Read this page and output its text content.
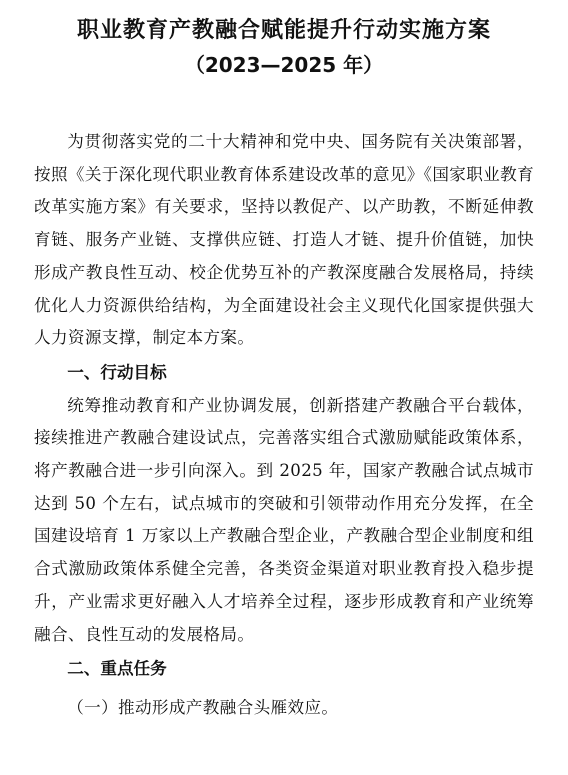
职业教育产教融合赋能提升行动实施方案
（2023—2025 年）

为贯彻落实党的二十大精神和党中央、国务院有关决策部署，按照《关于深化现代职业教育体系建设改革的意见》《国家职业教育改革实施方案》有关要求，坚持以教促产、以产助教，不断延伸教育链、服务产业链、支撑供应链、打造人才链、提升价值链，加快形成产教良性互动、校企优势互补的产教深度融合发展格局，持续优化人力资源供给结构，为全面建设社会主义现代化国家提供强大人力资源支撑，制定本方案。

一、行动目标

统筹推动教育和产业协调发展，创新搭建产教融合平台载体，接续推进产教融合建设试点，完善落实组合式激励赋能政策体系，将产教融合进一步引向深入。到 2025 年，国家产教融合试点城市达到 50 个左右，试点城市的突破和引领带动作用充分发挥，在全国建设培育 1 万家以上产教融合型企业，产教融合型企业制度和组合式激励政策体系健全完善，各类资金渠道对职业教育投入稳步提升，产业需求更好融入人才培养全过程，逐步形成教育和产业统筹融合、良性互动的发展格局。

二、重点任务

（一）推动形成产教融合头雁效应。
